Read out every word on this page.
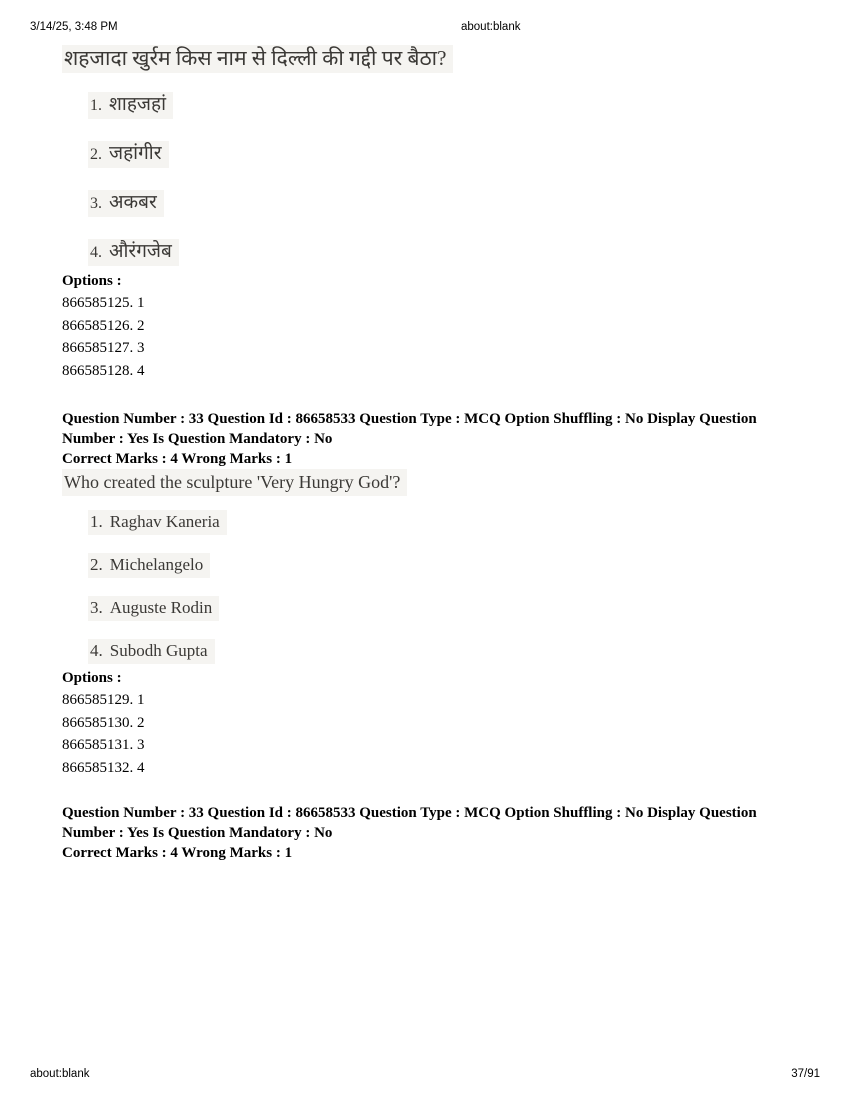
3/14/25, 3:48 PM	about:blank
शहजादा खुर्रम किस नाम से दिल्ली की गद्दी पर बैठा?
1. शाहजहां
2. जहांगीर
3. अकबर
4. औरंगजेब

Options :

866585125. 1

866585126. 2

866585127. 3

866585128. 4

Question Number : 33 Question Id : 86658533 Question Type : MCQ Option Shuffling : No Display Question Number : Yes Is Question Mandatory : No

Correct Marks : 4 Wrong Marks : 1

Who created the sculpture 'Very Hungry God'?
1. Raghav Kaneria
2. Michelangelo
3. Auguste Rodin
4. Subodh Gupta

Options :

866585129. 1

866585130. 2

866585131. 3

866585132. 4

Question Number : 33 Question Id : 86658533 Question Type : MCQ Option Shuffling : No Display Question Number : Yes Is Question Mandatory : No

Correct Marks : 4 Wrong Marks : 1

about:blank	37/91
